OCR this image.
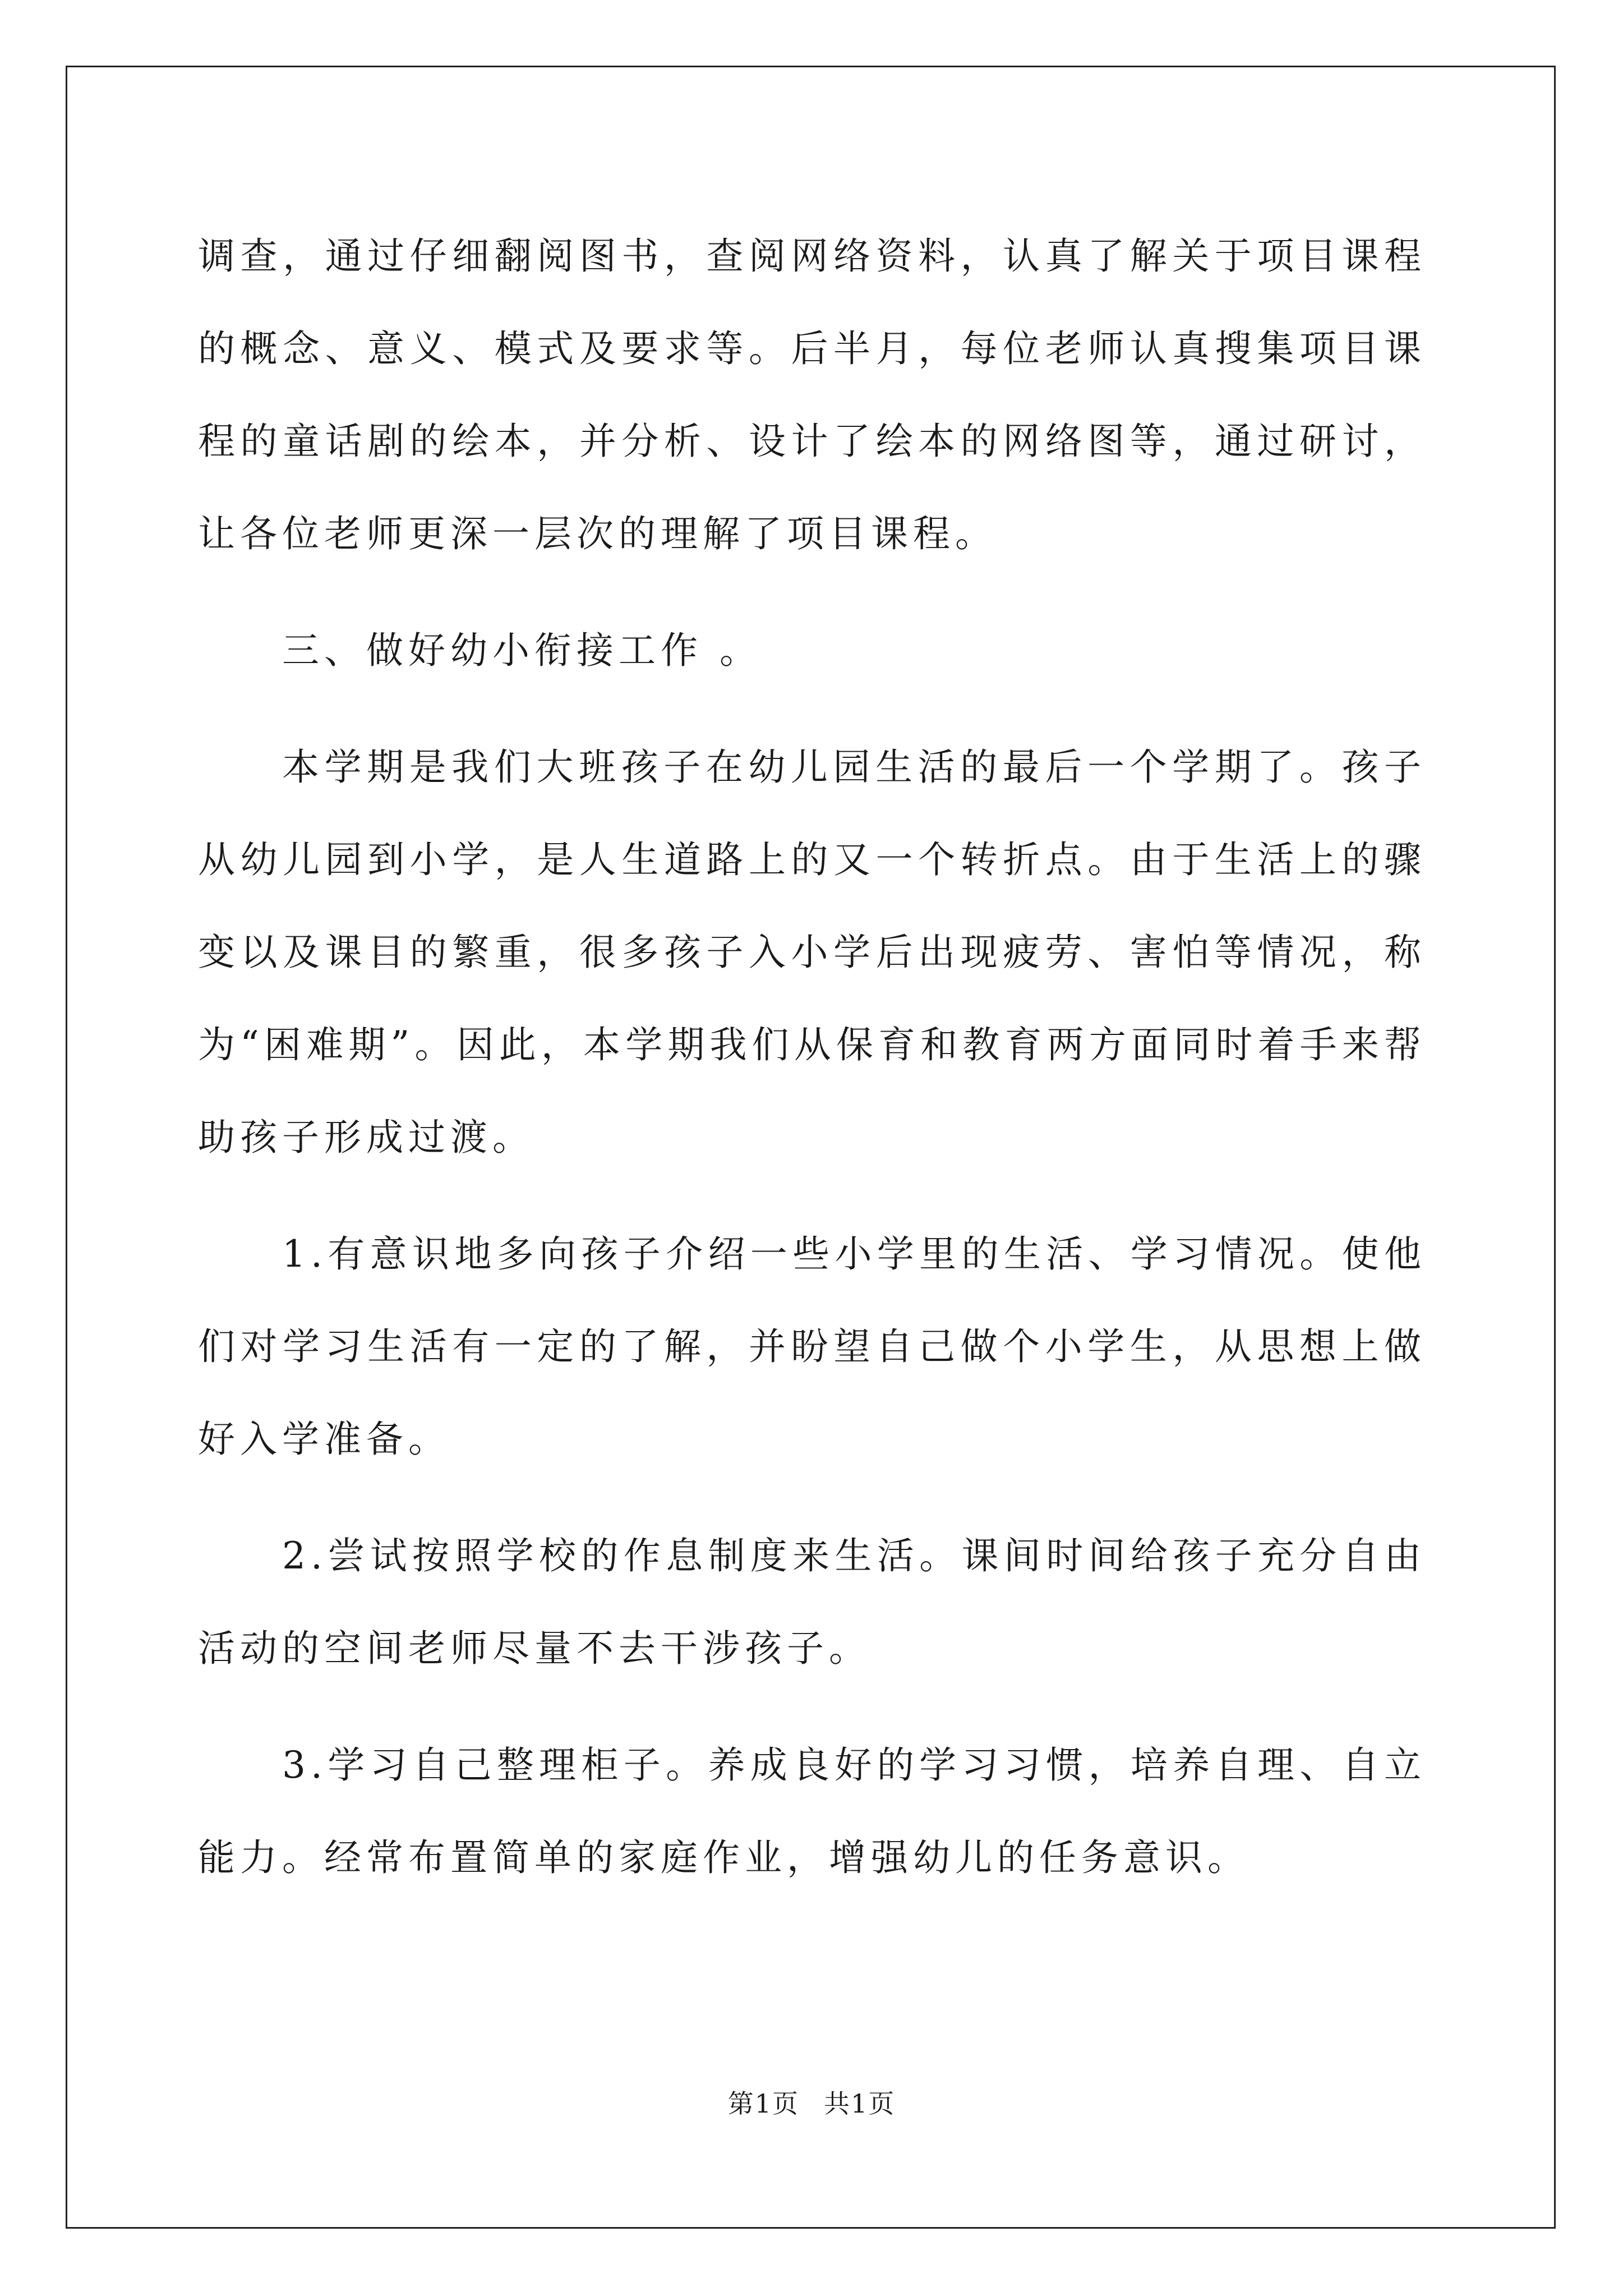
调查，通过仔细翻阅图书，查阅网络资料，认真了解关于项目课程的概念、意义、模式及要求等。后半月，每位老师认真搜集项目课程的童话剧的绘本，并分析、设计了绘本的网络图等，通过研讨，让各位老师更深一层次的理解了项目课程。

三、做好幼小衔接工作 。

本学期是我们大班孩子在幼儿园生活的最后一个学期了。孩子从幼儿园到小学，是人生道路上的又一个转折点。由于生活上的骤变以及课目的繁重，很多孩子入小学后出现疲劳、害怕等情况，称为“困难期”。因此，本学期我们从保育和教育两方面同时着手来帮助孩子形成过渡。

1.有意识地多向孩子介绍一些小学里的生活、学习情况。使他们对学习生活有一定的了解，并盼望自己做个小学生，从思想上做好入学准备。

2.尝试按照学校的作息制度来生活。课间时间给孩子充分自由活动的空间老师尽量不去干涉孩子。

3.学习自己整理柜子。养成良好的学习习惯，培养自理、自立能力。经常布置简单的家庭作业，增强幼儿的任务意识。

第1页 共1页
